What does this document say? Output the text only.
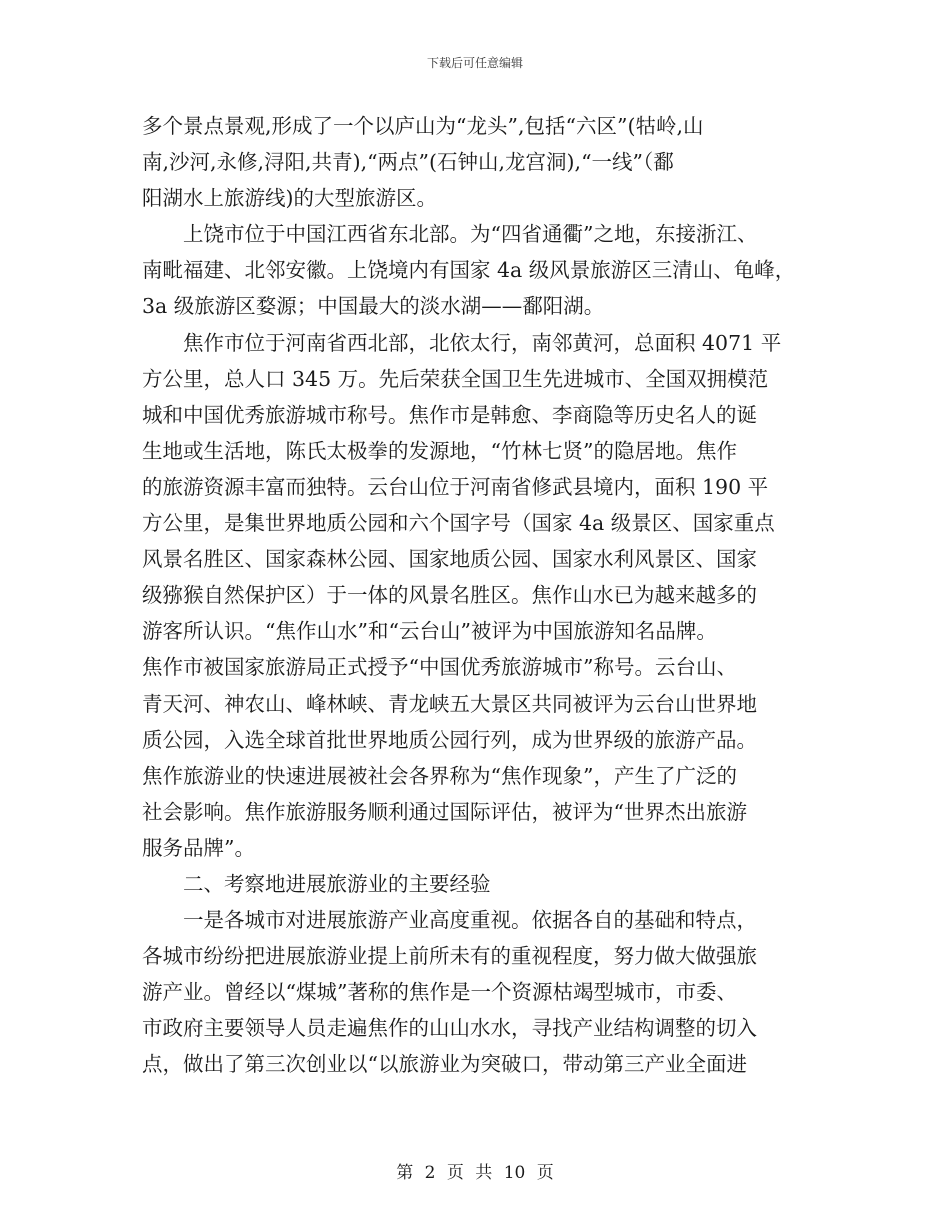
下载后可任意编辑
多个景点景观,形成了一个以庐山为“龙头”,包括“六区”(牯岭,山
南,沙河,永修,浔阳,共青),“两点”(石钟山,龙宫洞),“一线”（鄱
阳湖水上旅游线)的大型旅游区。
　　上饶市位于中国江西省东北部。为“四省通衢”之地，东接浙江、
南毗福建、北邻安徽。上饶境内有国家 4a 级风景旅游区三清山、龟峰，
3a 级旅游区婺源；中国最大的淡水湖——鄱阳湖。
　　焦作市位于河南省西北部，北依太行，南邻黄河，总面积 4071 平
方公里，总人口 345 万。先后荣获全国卫生先进城市、全国双拥模范
城和中国优秀旅游城市称号。焦作市是韩愈、李商隐等历史名人的诞
生地或生活地，陈氏太极拳的发源地，“竹林七贤”的隐居地。焦作
的旅游资源丰富而独特。云台山位于河南省修武县境内，面积 190 平
方公里，是集世界地质公园和六个国字号（国家 4a 级景区、国家重点
风景名胜区、国家森林公园、国家地质公园、国家水利风景区、国家
级猕猴自然保护区）于一体的风景名胜区。焦作山水已为越来越多的
游客所认识。“焦作山水”和“云台山”被评为中国旅游知名品牌。
焦作市被国家旅游局正式授予“中国优秀旅游城市”称号。云台山、
青天河、神农山、峰林峡、青龙峡五大景区共同被评为云台山世界地
质公园，入选全球首批世界地质公园行列，成为世界级的旅游产品。
焦作旅游业的快速进展被社会各界称为“焦作现象”，产生了广泛的
社会影响。焦作旅游服务顺利通过国际评估，被评为“世界杰出旅游
服务品牌”。
　　二、考察地进展旅游业的主要经验
　　一是各城市对进展旅游产业高度重视。依据各自的基础和特点，
各城市纷纷把进展旅游业提上前所未有的重视程度，努力做大做强旅
游产业。曾经以“煤城”著称的焦作是一个资源枯竭型城市，市委、
市政府主要领导人员走遍焦作的山山水水，寻找产业结构调整的切入
点，做出了第三次创业以“以旅游业为突破口，带动第三产业全面进
第 2 页 共 10 页
